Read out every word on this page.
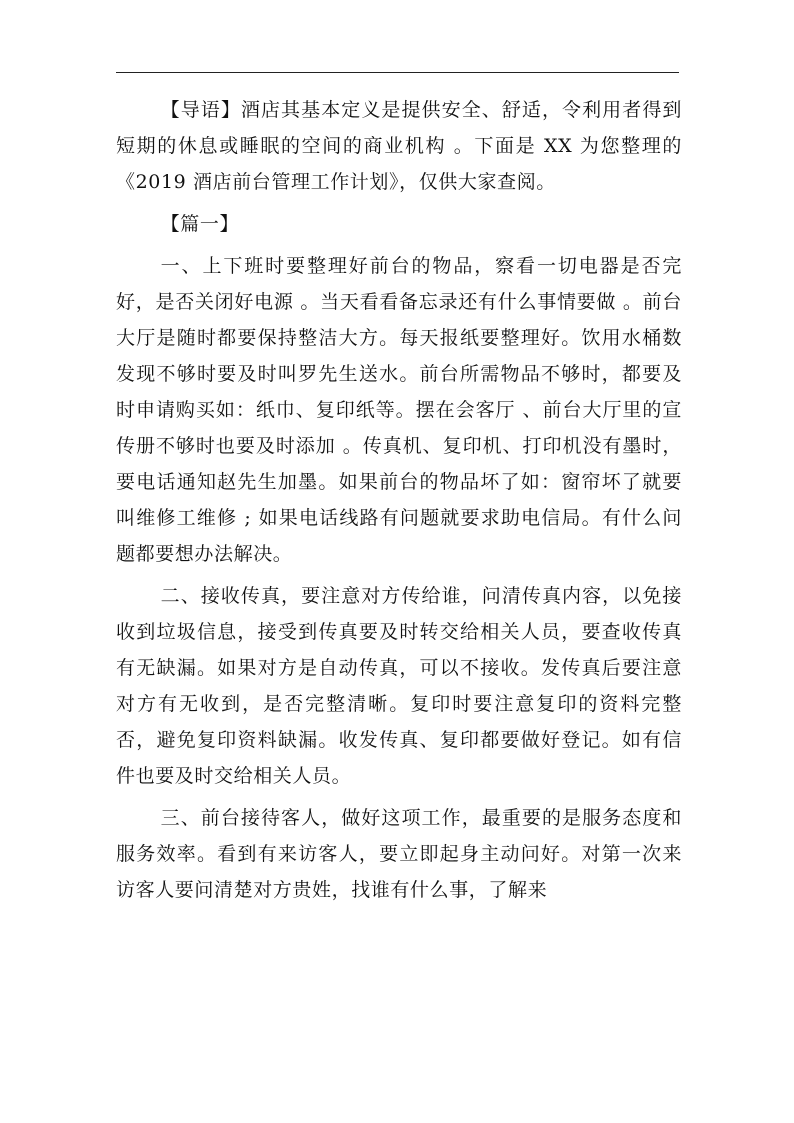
【导语】酒店其基本定义是提供安全、舒适，令利用者得到短期的休息或睡眠的空间的商业机构 。下面是 XX 为您整理的《2019 酒店前台管理工作计划》，仅供大家查阅。

【篇一】

一、上下班时要整理好前台的物品，察看一切电器是否完好，是否关闭好电源 。当天看看备忘录还有什么事情要做 。前台大厅是随时都要保持整洁大方。每天报纸要整理好。饮用水桶数发现不够时要及时叫罗先生送水。前台所需物品不够时，都要及时申请购买如：纸巾、复印纸等。摆在会客厅 、前台大厅里的宣传册不够时也要及时添加 。传真机、复印机、打印机没有墨时，要电话通知赵先生加墨。如果前台的物品坏了如：窗帘坏了就要叫维修工维修 ; 如果电话线路有问题就要求助电信局。有什么问题都要想办法解决。

二、接收传真，要注意对方传给谁，问清传真内容，以免接收到垃圾信息，接受到传真要及时转交给相关人员，要查收传真有无缺漏。如果对方是自动传真，可以不接收。发传真后要注意对方有无收到，是否完整清晰。复印时要注意复印的资料完整否，避免复印资料缺漏。收发传真、复印都要做好登记。如有信件也要及时交给相关人员。

三、前台接待客人，做好这项工作，最重要的是服务态度和服务效率。看到有来访客人，要立即起身主动问好。对第一次来访客人要问清楚对方贵姓，找谁有什么事，了解来
